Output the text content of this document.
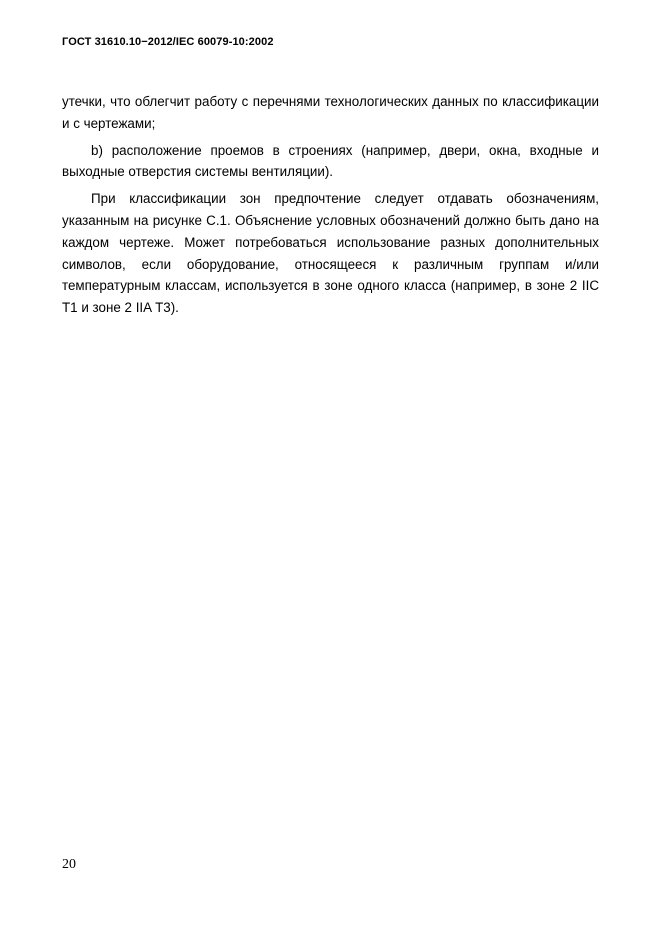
ГОСТ 31610.10−2012/IEC 60079-10:2002

утечки, что облегчит работу с перечнями технологических данных по классификации и с чертежами;

b) расположение проемов в строениях (например, двери, окна, входные и выходные отверстия системы вентиляции).

При классификации зон предпочтение следует отдавать обозначениям, указанным на рисунке С.1. Объяснение условных обозначений должно быть дано на каждом чертеже. Может потребоваться использование разных дополнительных символов, если оборудование, относящееся к различным группам и/или температурным классам, используется в зоне одного класса (например, в зоне 2 IIC Т1 и зоне 2 IIA Т3).

20
